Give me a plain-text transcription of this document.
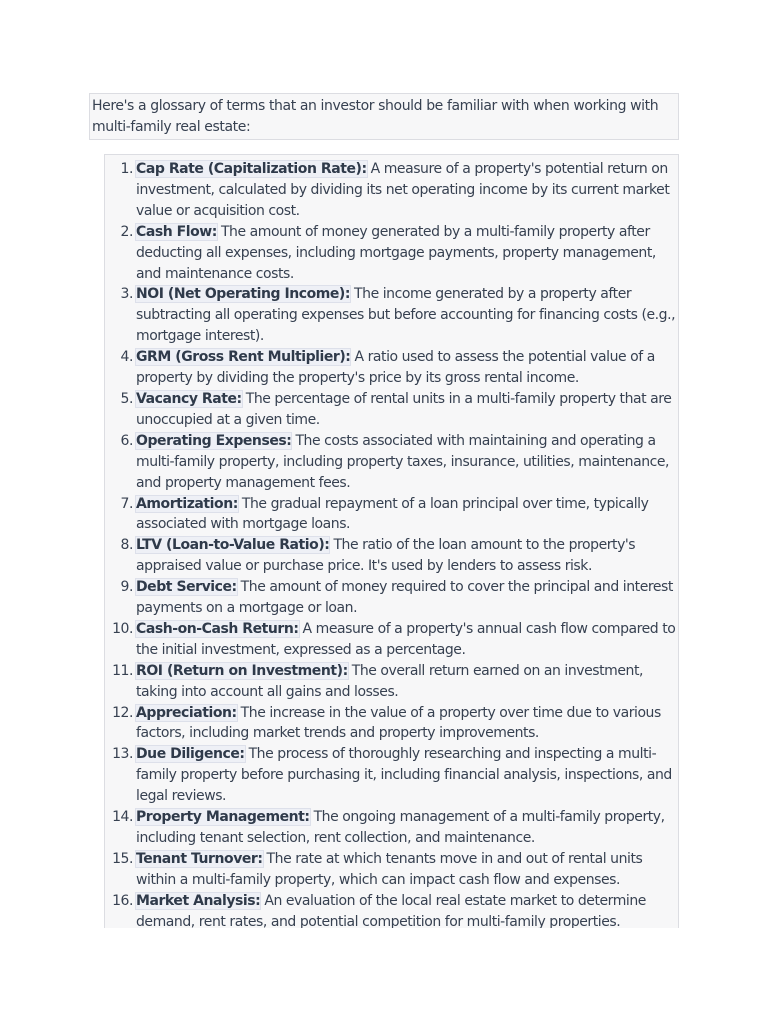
Here's a glossary of terms that an investor should be familiar with when working with multi-family real estate:
1. Cap Rate (Capitalization Rate): A measure of a property's potential return on investment, calculated by dividing its net operating income by its current market value or acquisition cost.
2. Cash Flow: The amount of money generated by a multi-family property after deducting all expenses, including mortgage payments, property management, and maintenance costs.
3. NOI (Net Operating Income): The income generated by a property after subtracting all operating expenses but before accounting for financing costs (e.g., mortgage interest).
4. GRM (Gross Rent Multiplier): A ratio used to assess the potential value of a property by dividing the property's price by its gross rental income.
5. Vacancy Rate: The percentage of rental units in a multi-family property that are unoccupied at a given time.
6. Operating Expenses: The costs associated with maintaining and operating a multi-family property, including property taxes, insurance, utilities, maintenance, and property management fees.
7. Amortization: The gradual repayment of a loan principal over time, typically associated with mortgage loans.
8. LTV (Loan-to-Value Ratio): The ratio of the loan amount to the property's appraised value or purchase price. It's used by lenders to assess risk.
9. Debt Service: The amount of money required to cover the principal and interest payments on a mortgage or loan.
10. Cash-on-Cash Return: A measure of a property's annual cash flow compared to the initial investment, expressed as a percentage.
11. ROI (Return on Investment): The overall return earned on an investment, taking into account all gains and losses.
12. Appreciation: The increase in the value of a property over time due to various factors, including market trends and property improvements.
13. Due Diligence: The process of thoroughly researching and inspecting a multi-family property before purchasing it, including financial analysis, inspections, and legal reviews.
14. Property Management: The ongoing management of a multi-family property, including tenant selection, rent collection, and maintenance.
15. Tenant Turnover: The rate at which tenants move in and out of rental units within a multi-family property, which can impact cash flow and expenses.
16. Market Analysis: An evaluation of the local real estate market to determine demand, rent rates, and potential competition for multi-family properties.
